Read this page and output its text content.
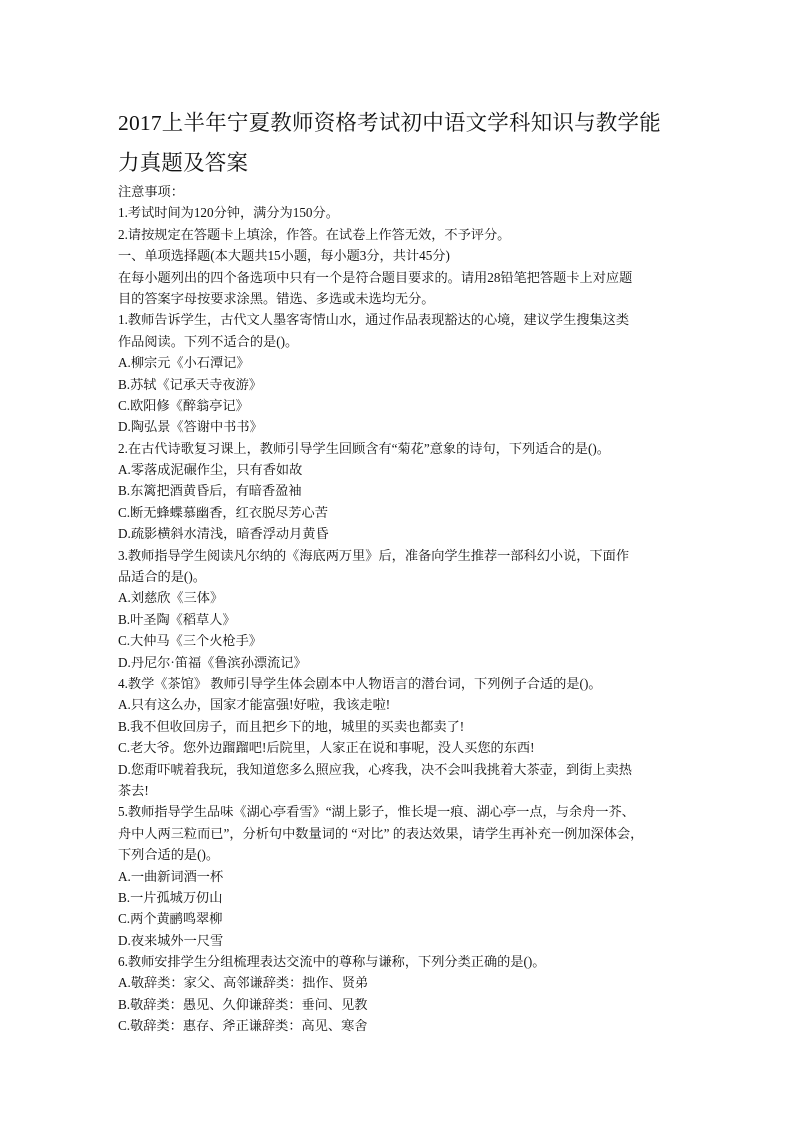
2017上半年宁夏教师资格考试初中语文学科知识与教学能
力真题及答案
注意事项：
1.考试时间为120分钟，满分为150分。
2.请按规定在答题卡上填涂，作答。在试卷上作答无效，不予评分。
一、单项选择题(本大题共15小题，每小题3分，共计45分)
在每小题列出的四个备选项中只有一个是符合题目要求的。请用28铅笔把答题卡上对应题
目的答案字母按要求涂黑。错选、多选或未选均无分。
1.教师告诉学生，古代文人墨客寄情山水，通过作品表现豁达的心境，建议学生搜集这类
作品阅读。下列不适合的是()。
A.柳宗元《小石潭记》
B.苏轼《记承天寺夜游》
C.欧阳修《醉翁亭记》
D.陶弘景《答谢中书书》
2.在古代诗歌复习课上，教师引导学生回顾含有“菊花”意象的诗句，下列适合的是()。
A.零落成泥碾作尘，只有香如故
B.东篱把酒黄昏后，有暗香盈袖
C.断无蜂蝶慕幽香，红衣脱尽芳心苦
D.疏影横斜水清浅，暗香浮动月黄昏
3.教师指导学生阅读凡尔纳的《海底两万里》后，准备向学生推荐一部科幻小说，下面作
品适合的是()。
A.刘慈欣《三体》
B.叶圣陶《稻草人》
C.大仲马《三个火枪手》
D.丹尼尔·笛福《鲁滨孙漂流记》
4.教学《茶馆》 教师引导学生体会剧本中人物语言的潜台词，下列例子合适的是()。
A.只有这么办，国家才能富强!好啦，我该走啦!
B.我不但收回房子，而且把乡下的地，城里的买卖也都卖了!
C.老大爷。您外边蹓蹓吧!后院里，人家正在说和事呢，没人买您的东西!
D.您甭吓唬着我玩，我知道您多么照应我，心疼我，决不会叫我挑着大茶壶，到街上卖热
茶去!
5.教师指导学生品味《湖心亭看雪》“湖上影子，惟长堤一痕、湖心亭一点，与余舟一芥、
舟中人两三粒而已”，分析句中数量词的 “对比” 的表达效果，请学生再补充一例加深体会，
下列合适的是()。
A.一曲新词酒一杯
B.一片孤城万仞山
C.两个黄鹂鸣翠柳
D.夜来城外一尺雪
6.教师安排学生分组梳理表达交流中的尊称与谦称，下列分类正确的是()。
A.敬辞类：家父、高邻谦辞类：拙作、贤弟
B.敬辞类：愚见、久仰谦辞类：垂问、见教
C.敬辞类：惠存、斧正谦辞类：高见、寒舍
